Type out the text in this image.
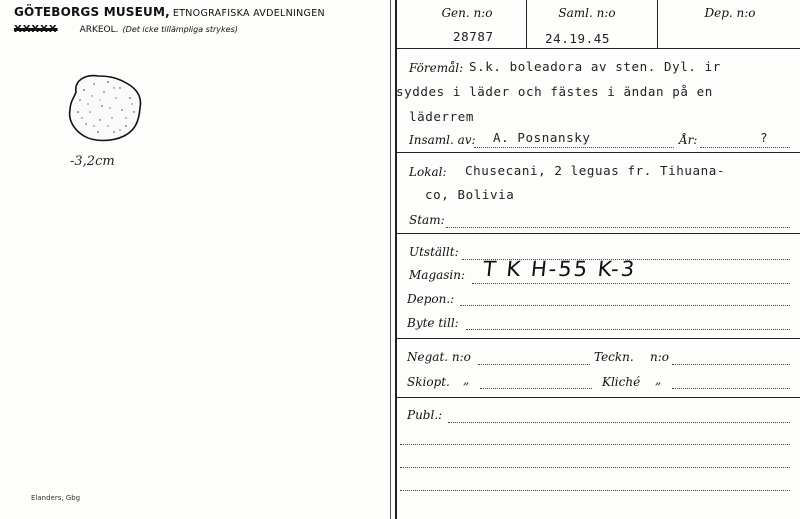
GÖTEBORGS MUSEUM, ETNOGRAFISKA AVDELNINGEN
XXXXX ARKEOL. (Det icke tillämpliga strykes)
-3,2cm
Elanders, Gbg
Gen. n:o	Saml. n:o	Dep. n:o
28787	24.19.45
Föremål: S.k. boleadora av sten. Dyl. ir
syddes i läder och fästes i ändan på en
läderrem
Insaml. av: A. Posnansky	År:	?
Lokal: Chusecani, 2 leguas fr. Tihuana-
co, Bolivia
Stam:
Utställt:
Magasin: T K H-55 K-3
Depon.:
Byte till:
Negat. n:o	Teckn. n:o
Skiopt. „	Kliché „
Publ.:
